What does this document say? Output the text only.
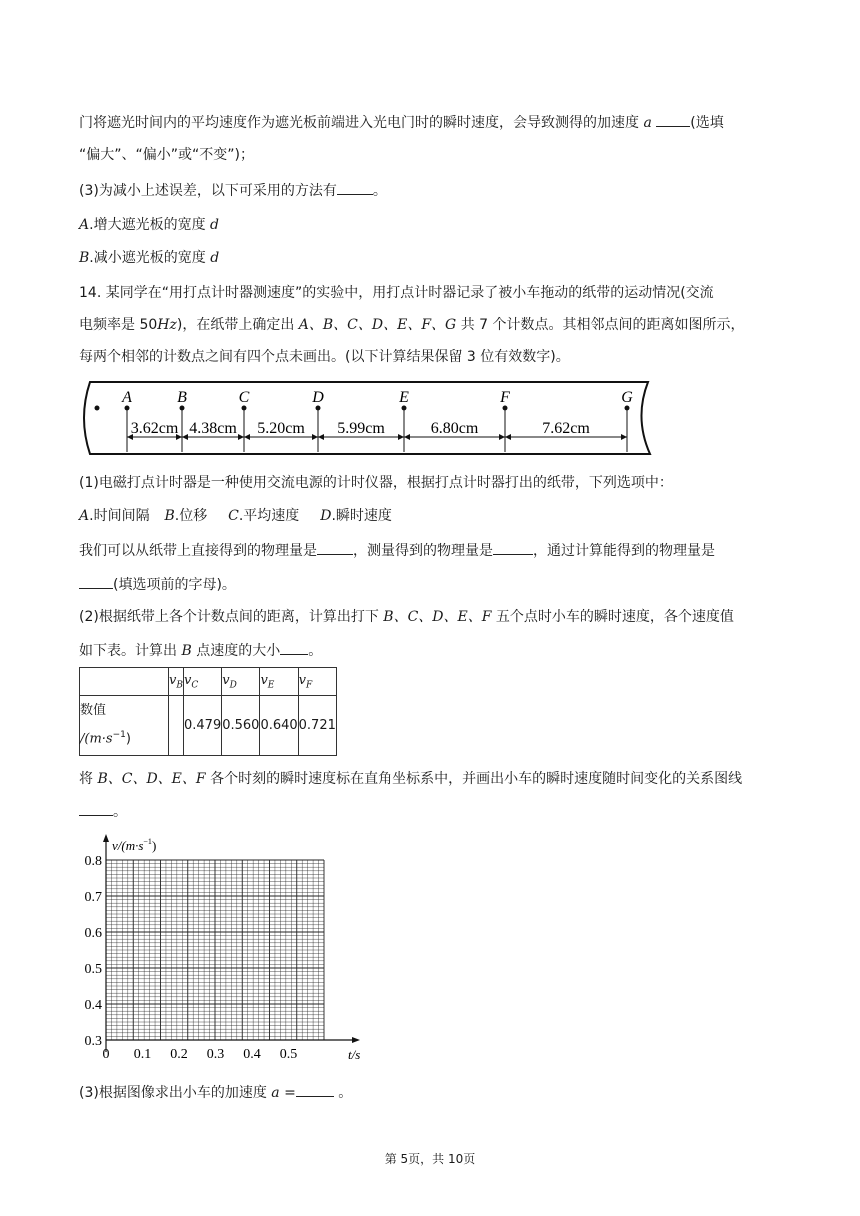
门将遮光时间内的平均速度作为遮光板前端进入光电门时的瞬时速度，会导致测得的加速度 a	(选填
“偏大”、“偏小”或“不变”)；
(3)为减小上述误差，以下可采用的方法有	。
A.增大遮光板的宽度 d
B.减小遮光板的宽度 d
14. 某同学在“用打点计时器测速度”的实验中，用打点计时器记录了被小车拖动的纸带的运动情况(交流
电频率是 50Hz)，在纸带上确定出 A、B、C、D、E、F、G 共 7 个计数点。其相邻点间的距离如图所示，
每两个相邻的计数点之间有四个点未画出。(以下计算结果保留 3 位有效数字)。
A	B	C	D	E	F	G
3.62cm 4.38cm 5.20cm 5.99cm	6.80cm	7.62cm
(1)电磁打点计时器是一种使用交流电源的计时仪器，根据打点计时器打出的纸带，下列选项中：
A.时间间隔 B.位移 C.平均速度 D.瞬时速度
我们可以从纸带上直接得到的物理量是	，测量得到的物理量是	，通过计算能得到的物理量是
(填选项前的字母)。
(2)根据纸带上各个计数点间的距离，计算出打下 B、C、D、E、F 五个点时小车的瞬时速度，各个速度值
如下表。计算出 B 点速度的大小 。
	$v_B$	$v_C$	$v_D$	$v_E$	$v_F$
数值
$/(m\cdot s^{-1})$		0.479	0.560	0.640	0.721
将 B、C、D、E、F 各个时刻的瞬时速度标在直角坐标系中，并画出小车的瞬时速度随时间变化的关系图线
。
$v/(m\cdot s^{-1})$
t/s
0.8
0.7
0.6
0.5
0.4
0.3
0 0.1 0.2 0.3 0.4 0.5
(3)根据图像求出小车的加速度 a =	。
第 5页，共 10页
